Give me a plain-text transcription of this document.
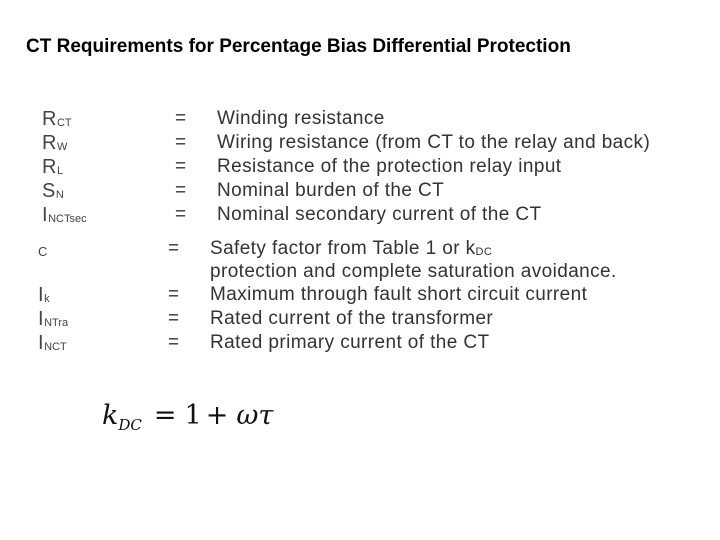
CT Requirements for Percentage Bias Differential Protection
RCT	= Winding resistance
RW	= Wiring resistance (from CT to the relay and back)
RL	= Resistance of the protection relay input
SN	= Nominal burden of the CT
INCTsec	= Nominal secondary current of the CT
C	= Safety factor from Table 1 or kDC
protection and complete saturation avoidance.
Ik	= Maximum through fault short circuit current
INTra	= Rated current of the transformer
INCT	= Rated primary current of the CT
$k_{DC} = 1 + \omega\tau$
